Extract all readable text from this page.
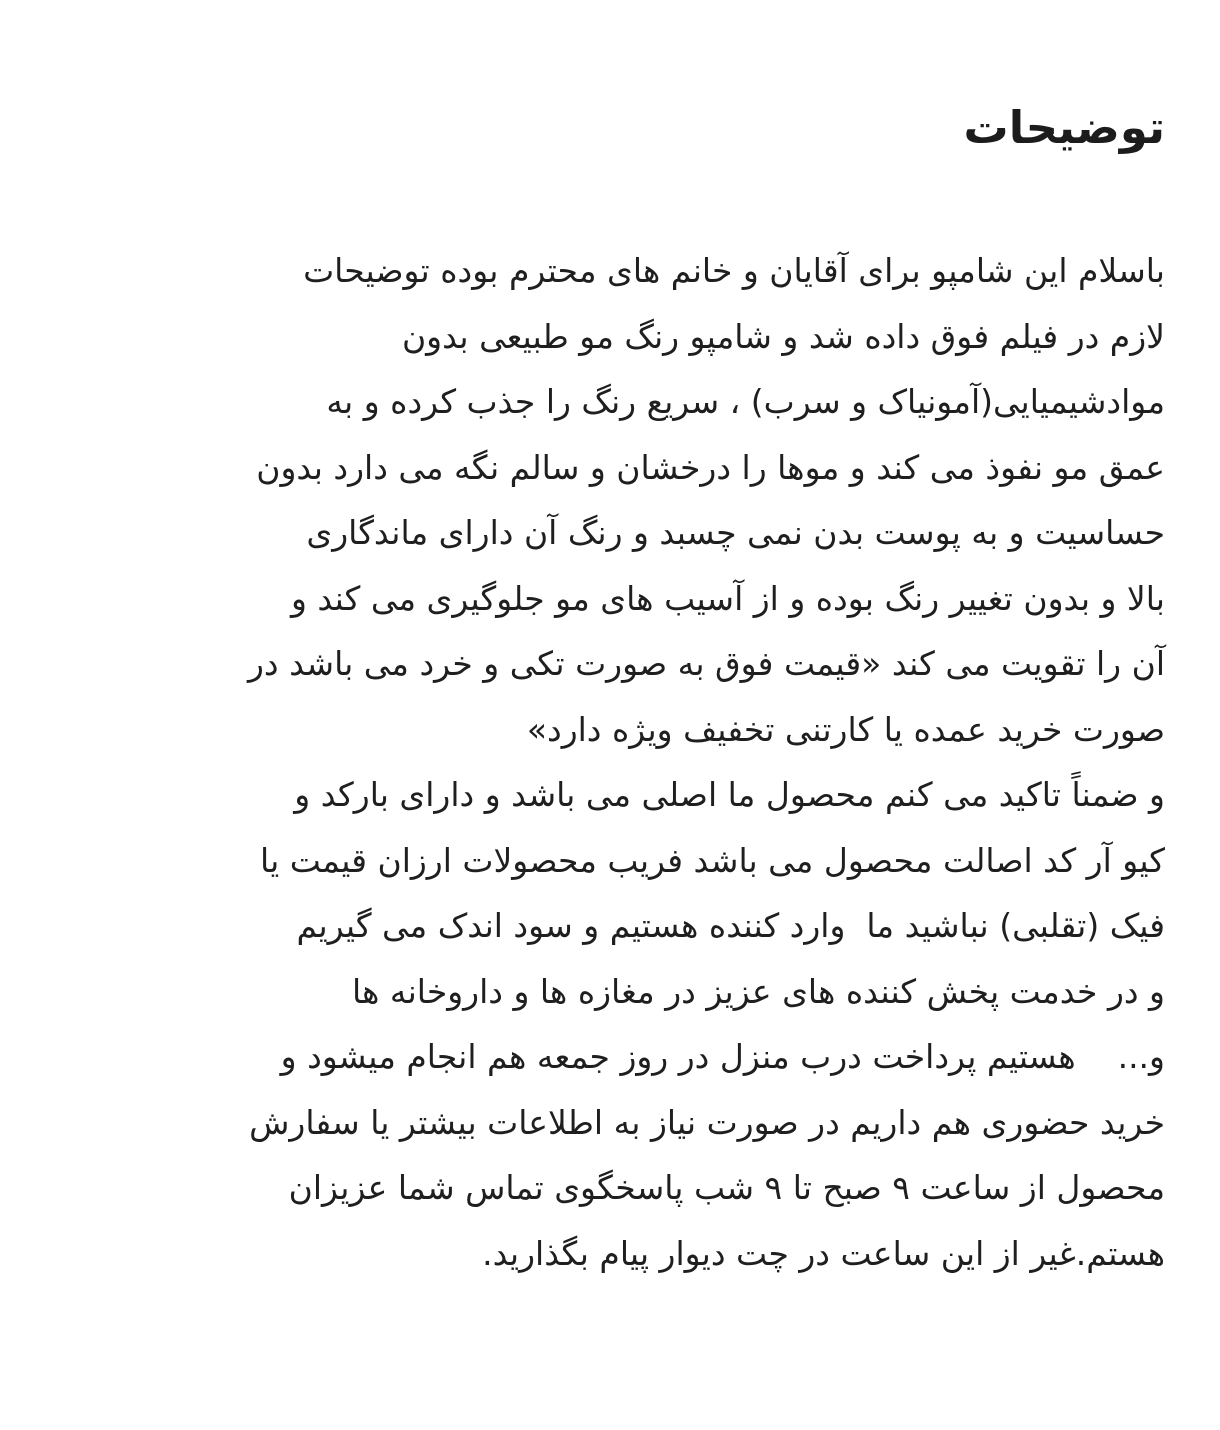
توضیحات
باسلام این شامپو برای آقایان و خانم های محترم بوده توضیحات
لازم در فیلم فوق داده شد و شامپو رنگ مو طبیعی بدون
موادشیمیایی(آمونیاک و سرب) ، سریع رنگ را جذب کرده و به
عمق مو نفوذ می کند و موها را درخشان و سالم نگه می دارد بدون
حساسیت و به پوست بدن نمی چسبد و رنگ آن دارای ماندگاری
بالا و بدون تغییر رنگ بوده و از آسیب های مو جلوگیری می کند و
آن را تقویت می کند «قیمت فوق به صورت تکی و خرد می باشد در
صورت خرید عمده یا کارتنی تخفیف ویژه دارد»
و ضمناً تاکید می کنم محصول ما اصلی می باشد و دارای بارکد و
کیو آر کد اصالت محصول می باشد فریب محصولات ارزان قیمت یا
فیک (تقلبی) نباشید ما  وارد کننده هستیم و سود اندک می گیریم
و در خدمت پخش کننده های عزیز در مغازه ها و داروخانه ها
و...    هستیم پرداخت درب منزل در روز جمعه هم انجام میشود و
خرید حضوری هم داریم در صورت نیاز به اطلاعات بیشتر یا سفارش
محصول از ساعت ۹ صبح تا ۹ شب پاسخگوی تماس شما عزیزان
هستم.غیر از این ساعت در چت دیوار پیام بگذارید.
